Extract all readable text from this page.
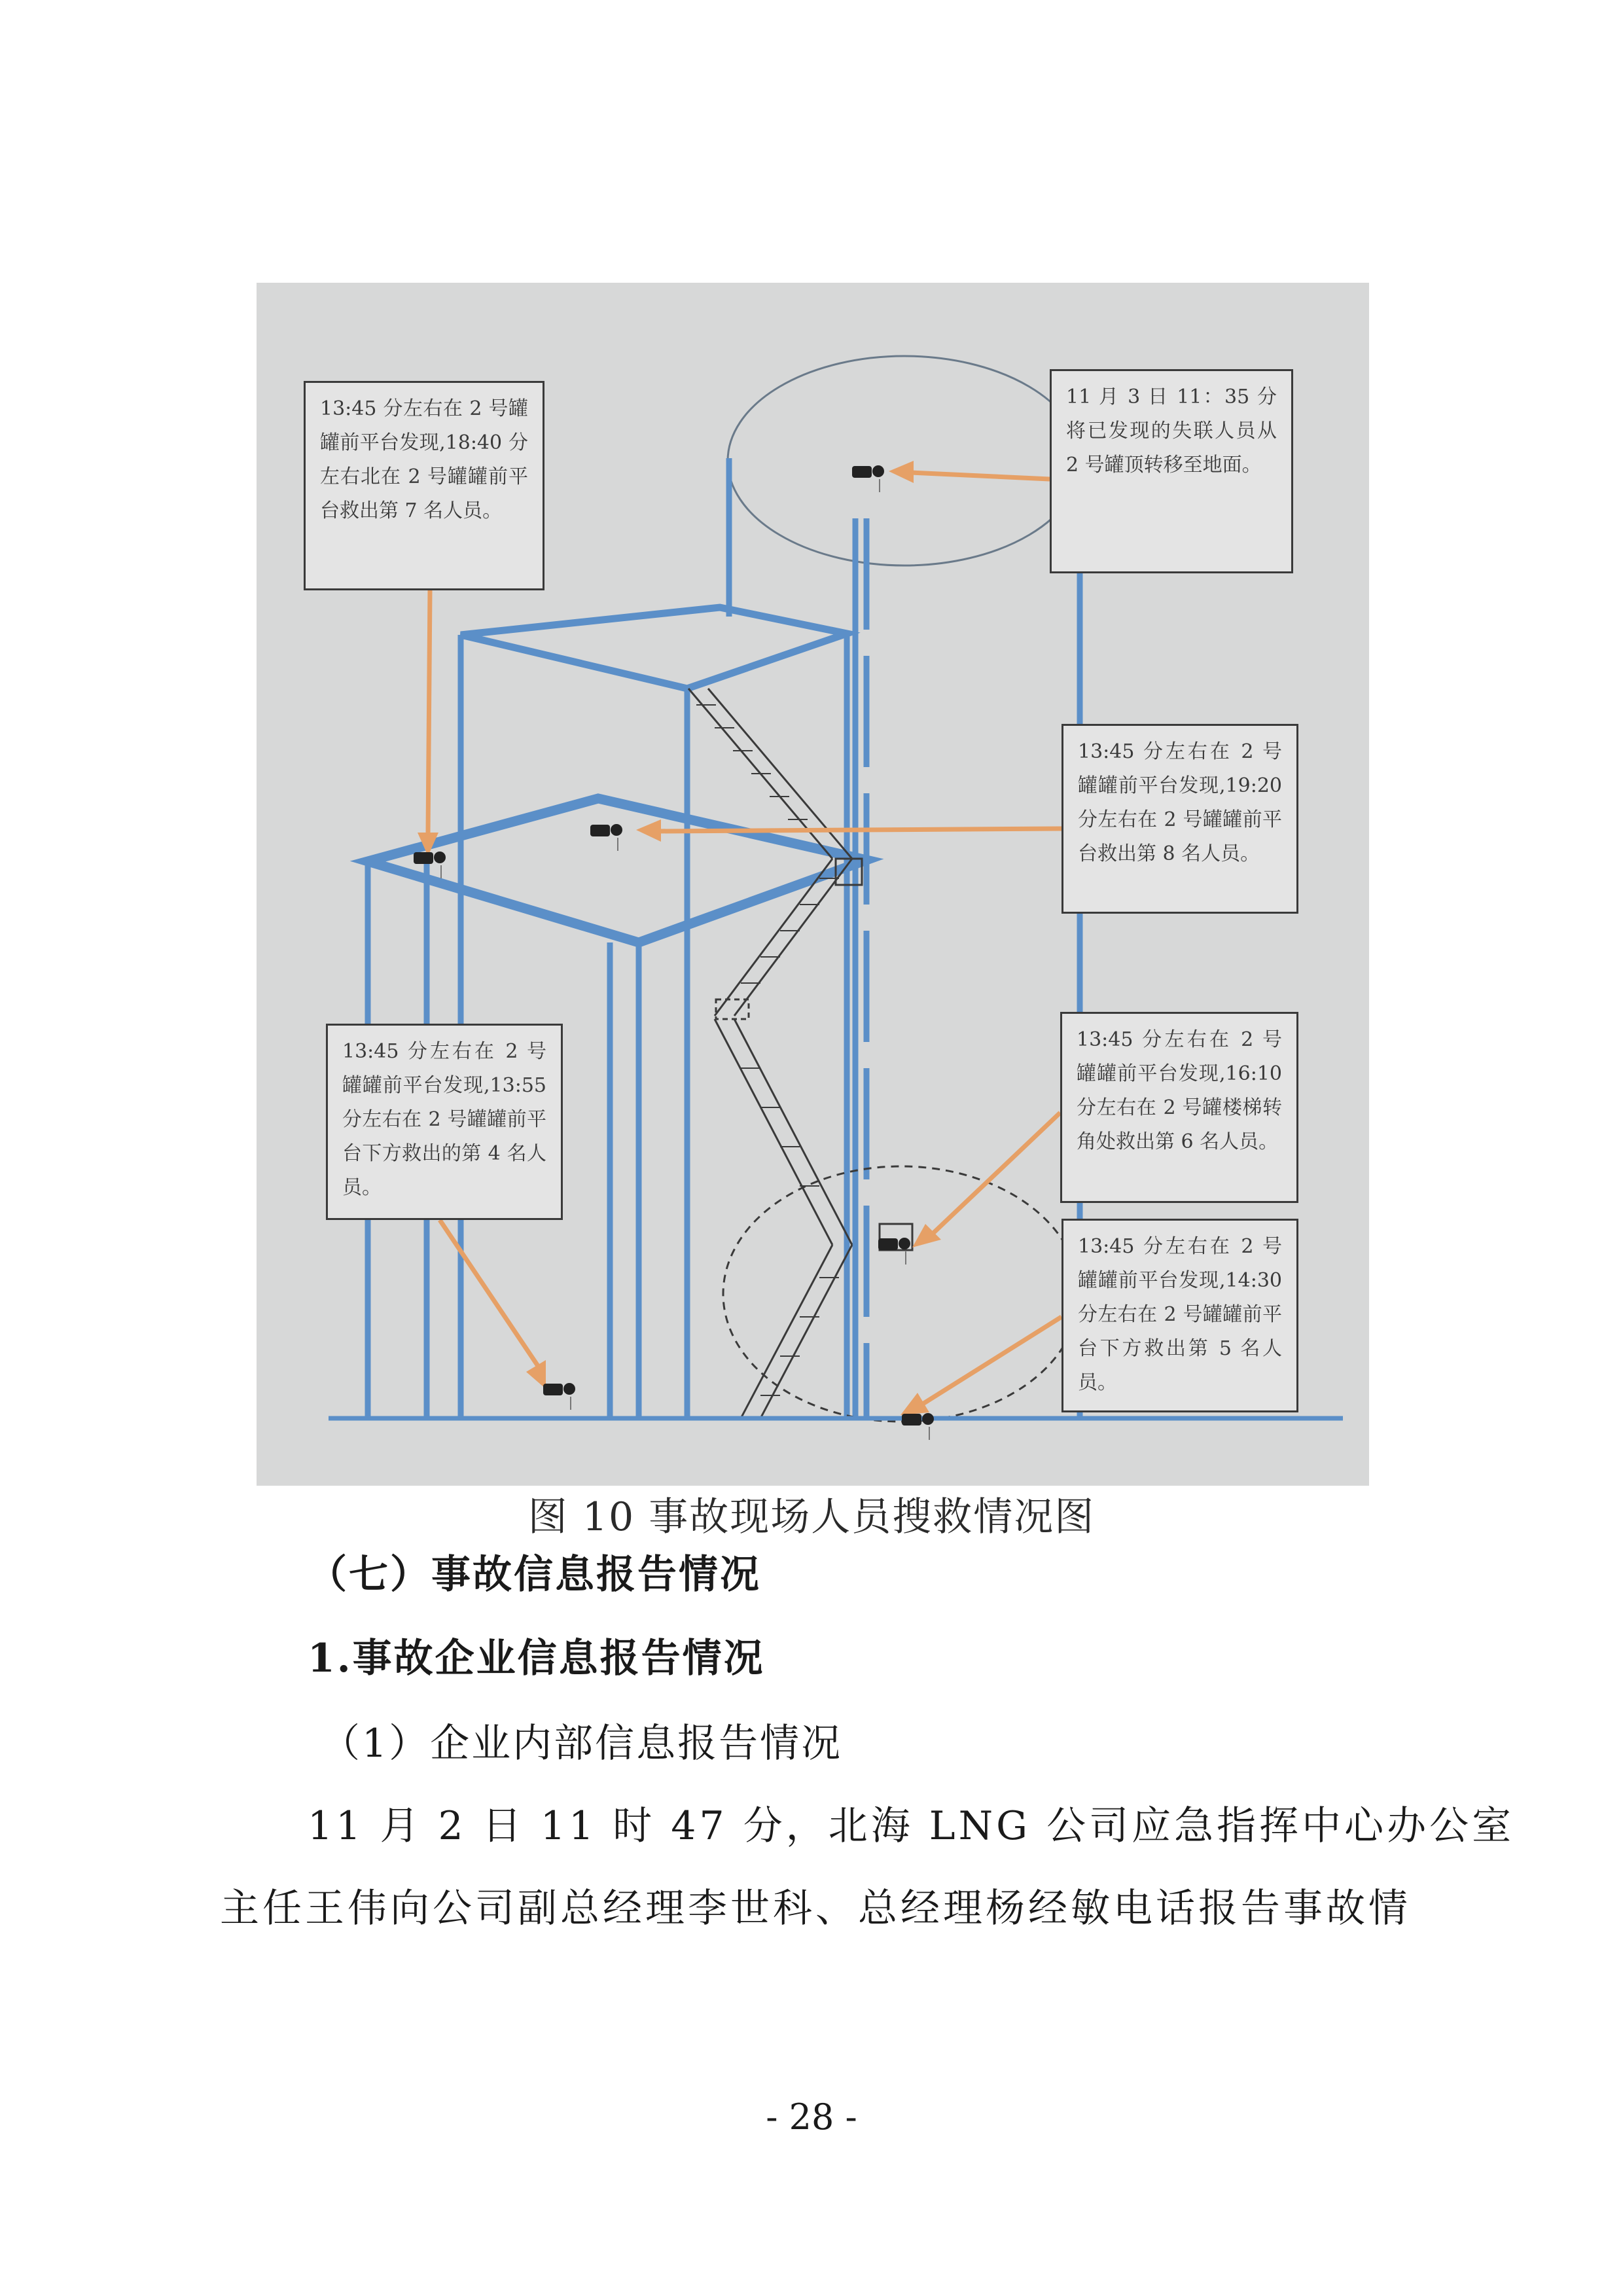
13:45 分左右在 2 号罐罐前平台发现,18:40 分左右北在 2 号罐罐前平台救出第 7 名人员。
11 月 3 日 11：35 分将已发现的失联人员从 2 号罐顶转移至地面。
13:45 分左右在 2 号罐罐前平台发现,19:20 分左右在 2 号罐罐前平台救出第 8 名人员。
13:45 分左右在 2 号罐罐前平台发现,13:55 分左右在 2 号罐罐前平台下方救出的第 4 名人员。
13:45 分左右在 2 号罐罐前平台发现,16:10 分左右在 2 号罐楼梯转角处救出第 6 名人员。
13:45 分左右在 2 号罐罐前平台发现,14:30 分左右在 2 号罐罐前平台下方救出第 5 名人员。
图 10 事故现场人员搜救情况图
（七）事故信息报告情况
1.事故企业信息报告情况
（1）企业内部信息报告情况
11 月 2 日 11 时 47 分，北海 LNG 公司应急指挥中心办公室
主任王伟向公司副总经理李世科、总经理杨经敏电话报告事故情
- 28 -
